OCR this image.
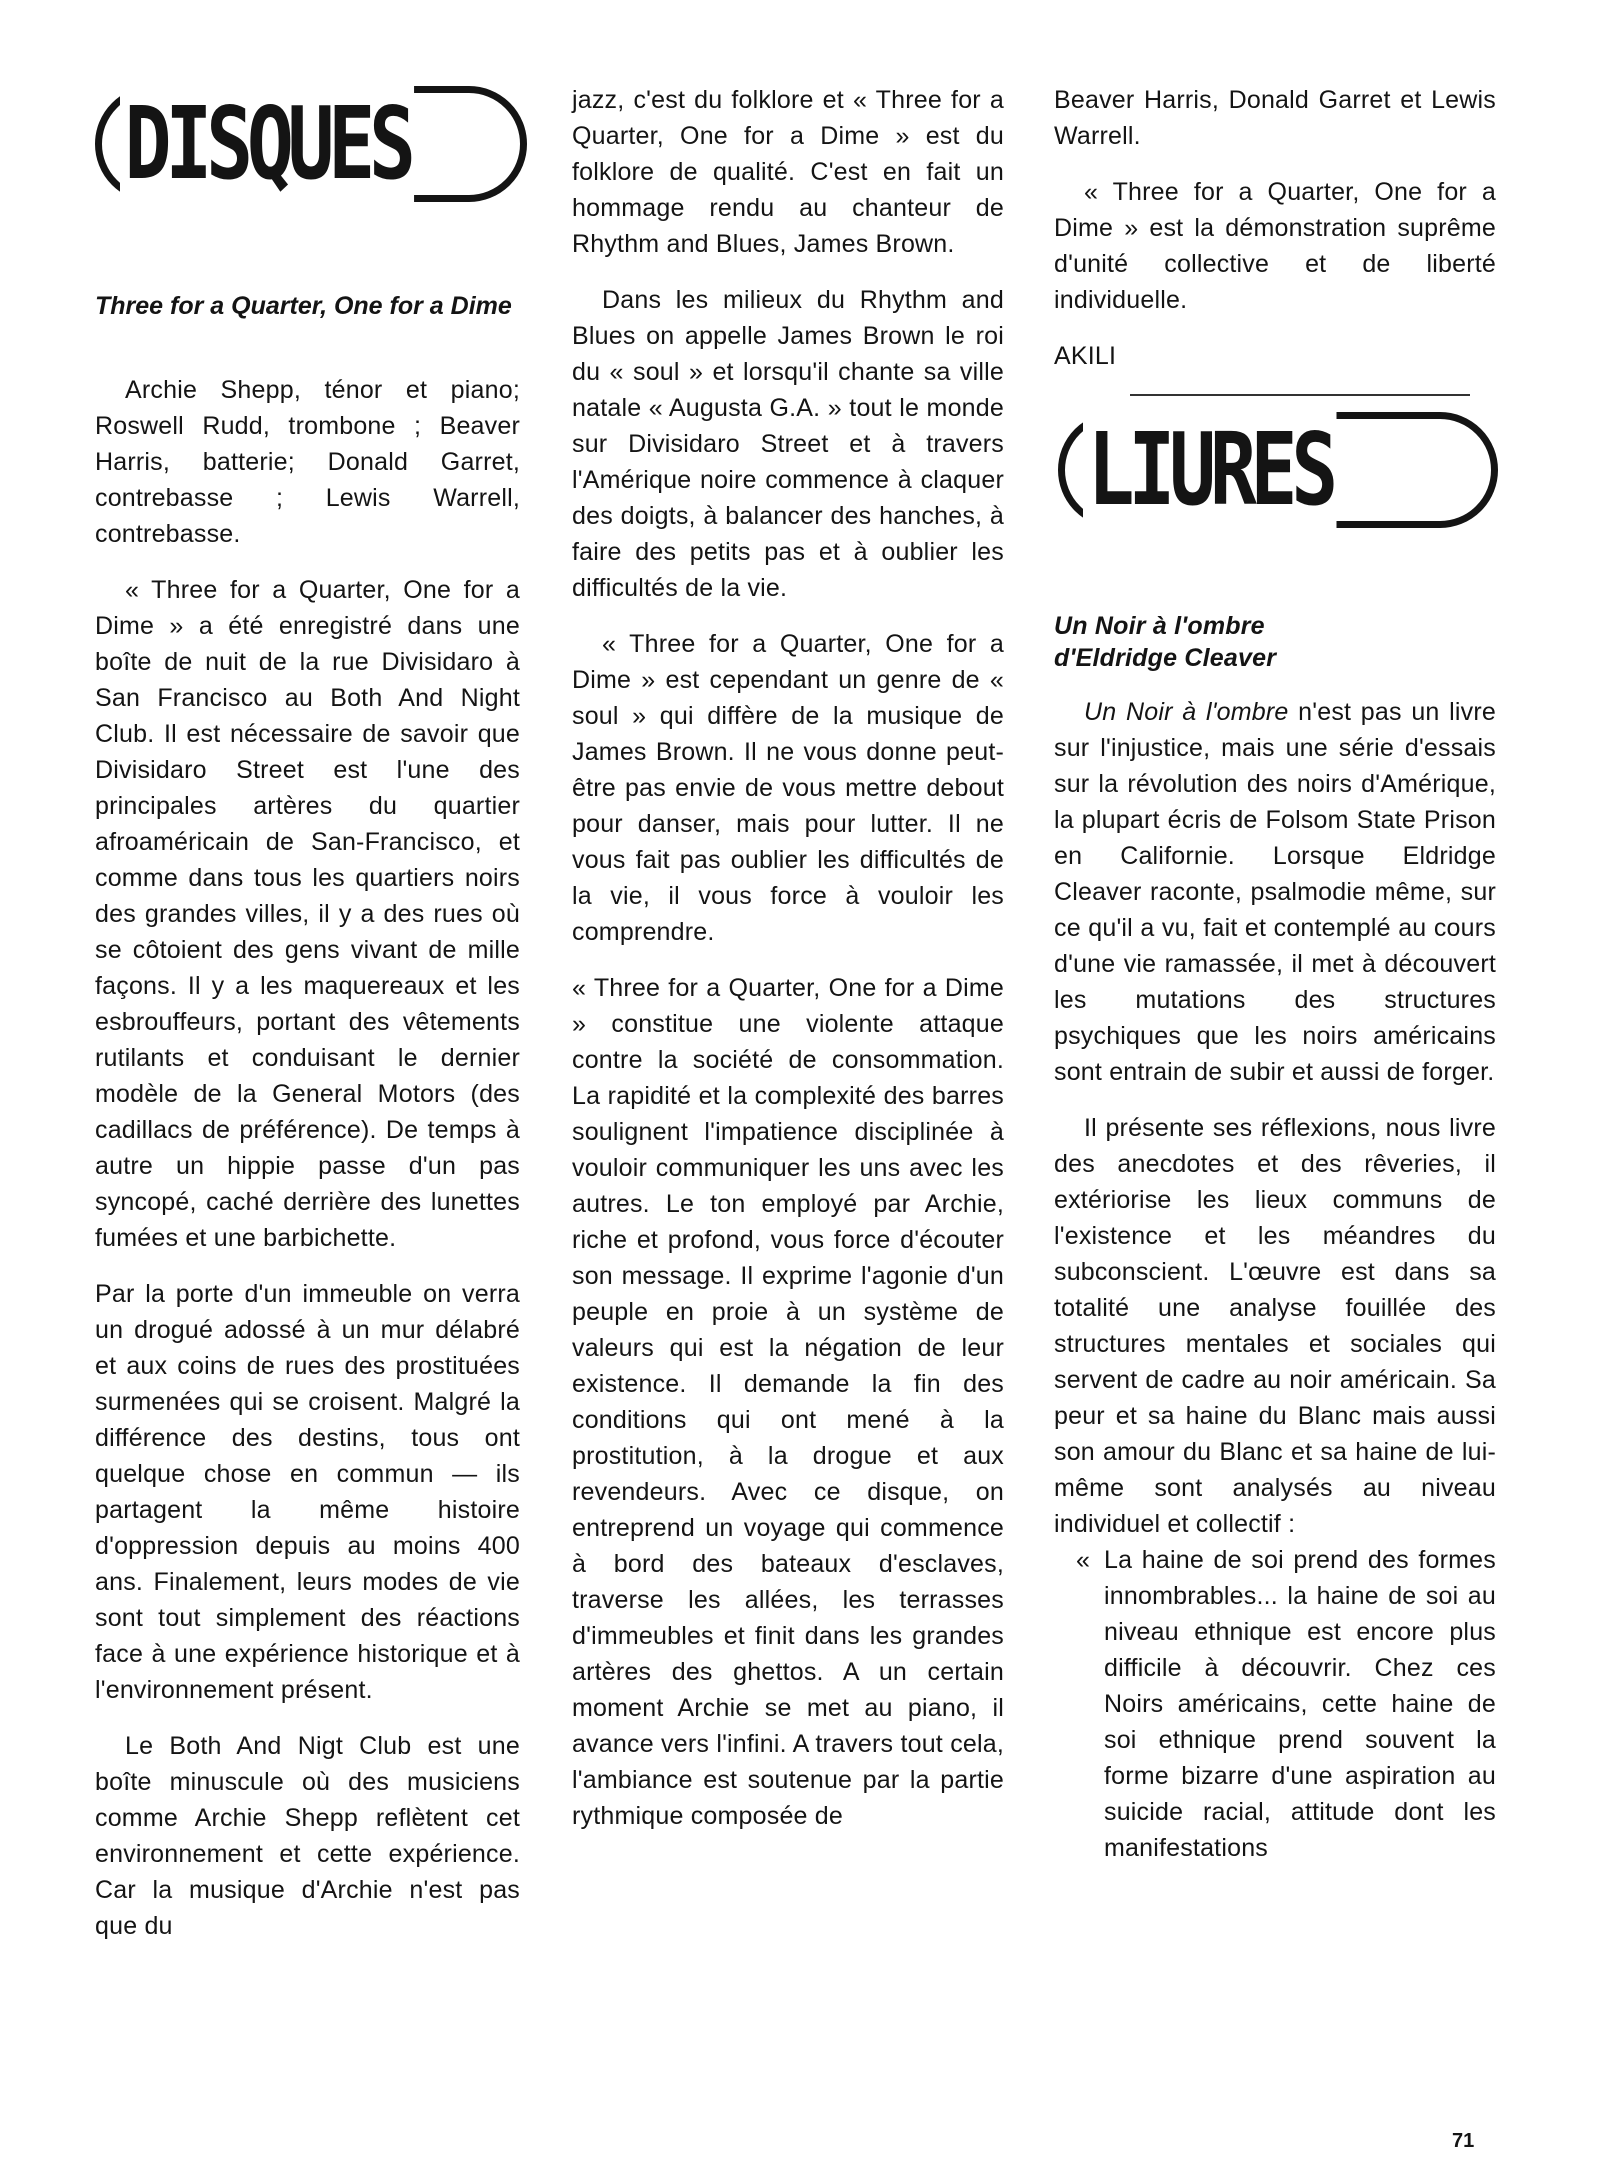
DISQUES

Three for a Quarter, One for a Dime

Archie Shepp, ténor et piano; Roswell Rudd, trombone ; Beaver Harris, batterie; Donald Garret, contrebasse ; Lewis Warrell, contrebasse.

« Three for a Quarter, One for a Dime » a été enregistré dans une boîte de nuit de la rue Divisidaro à San Francisco au Both And Night Club. Il est nécessaire de savoir que Divisidaro Street est l'une des principales artères du quartier afroaméricain de San-Francisco, et comme dans tous les quartiers noirs des grandes villes, il y a des rues où se côtoient des gens vivant de mille façons. Il y a les maquereaux et les esbrouffeurs, portant des vêtements rutilants et conduisant le dernier modèle de la General Motors (des cadillacs de préférence). De temps à autre un hippie passe d'un pas syncopé, caché derrière des lunettes fumées et une barbichette.

Par la porte d'un immeuble on verra un drogué adossé à un mur délabré et aux coins de rues des prostituées surmenées qui se croisent. Malgré la différence des destins, tous ont quelque chose en commun — ils partagent la même histoire d'oppression depuis au moins 400 ans. Finalement, leurs modes de vie sont tout simplement des réactions face à une expérience historique et à l'environnement présent.

Le Both And Nigt Club est une boîte minuscule où des musiciens comme Archie Shepp reflètent cet environnement et cette expérience. Car la musique d'Archie n'est pas que du

jazz, c'est du folklore et « Three for a Quarter, One for a Dime » est du folklore de qualité. C'est en fait un hommage rendu au chanteur de Rhythm and Blues, James Brown.

Dans les milieux du Rhythm and Blues on appelle James Brown le roi du « soul » et lorsqu'il chante sa ville natale « Augusta G.A. » tout le monde sur Divisidaro Street et à travers l'Amérique noire commence à claquer des doigts, à balancer des hanches, à faire des petits pas et à oublier les difficultés de la vie.

« Three for a Quarter, One for a Dime » est cependant un genre de « soul » qui diffère de la musique de James Brown. Il ne vous donne peut-être pas envie de vous mettre debout pour danser, mais pour lutter. Il ne vous fait pas oublier les difficultés de la vie, il vous force à vouloir les comprendre.

« Three for a Quarter, One for a Dime » constitue une violente attaque contre la société de consommation. La rapidité et la complexité des barres soulignent l'impatience disciplinée à vouloir communiquer les uns avec les autres. Le ton employé par Archie, riche et profond, vous force d'écouter son message. Il exprime l'agonie d'un peuple en proie à un système de valeurs qui est la négation de leur existence. Il demande la fin des conditions qui ont mené à la prostitution, à la drogue et aux revendeurs. Avec ce disque, on entreprend un voyage qui commence à bord des bateaux d'esclaves, traverse les allées, les terrasses d'immeubles et finit dans les grandes artères des ghettos. A un certain moment Archie se met au piano, il avance vers l'infini. A travers tout cela, l'ambiance est soutenue par la partie rythmique composée de

Beaver Harris, Donald Garret et Lewis Warrell.

« Three for a Quarter, One for a Dime » est la démonstration suprême d'unité collective et de liberté individuelle.

AKILI

LIURES

Un Noir à l'ombre
d'Eldridge Cleaver

Un Noir à l'ombre n'est pas un livre sur l'injustice, mais une série d'essais sur la révolution des noirs d'Amérique, la plupart écris de Folsom State Prison en Californie. Lorsque Eldridge Cleaver raconte, psalmodie même, sur ce qu'il a vu, fait et contemplé au cours d'une vie ramassée, il met à découvert les mutations des structures psychiques que les noirs américains sont entrain de subir et aussi de forger.

Il présente ses réflexions, nous livre des anecdotes et des rêveries, il extériorise les lieux communs de l'existence et les méandres du subconscient. L'œuvre est dans sa totalité une analyse fouillée des structures mentales et sociales qui servent de cadre au noir américain. Sa peur et sa haine du Blanc mais aussi son amour du Blanc et sa haine de lui-même sont analysés au niveau individuel et collectif :

« La haine de soi prend des formes innombrables... la haine de soi au niveau ethnique est encore plus difficile à découvrir. Chez ces Noirs américains, cette haine de soi ethnique prend souvent la forme bizarre d'une aspiration au suicide racial, attitude dont les manifestations

71
